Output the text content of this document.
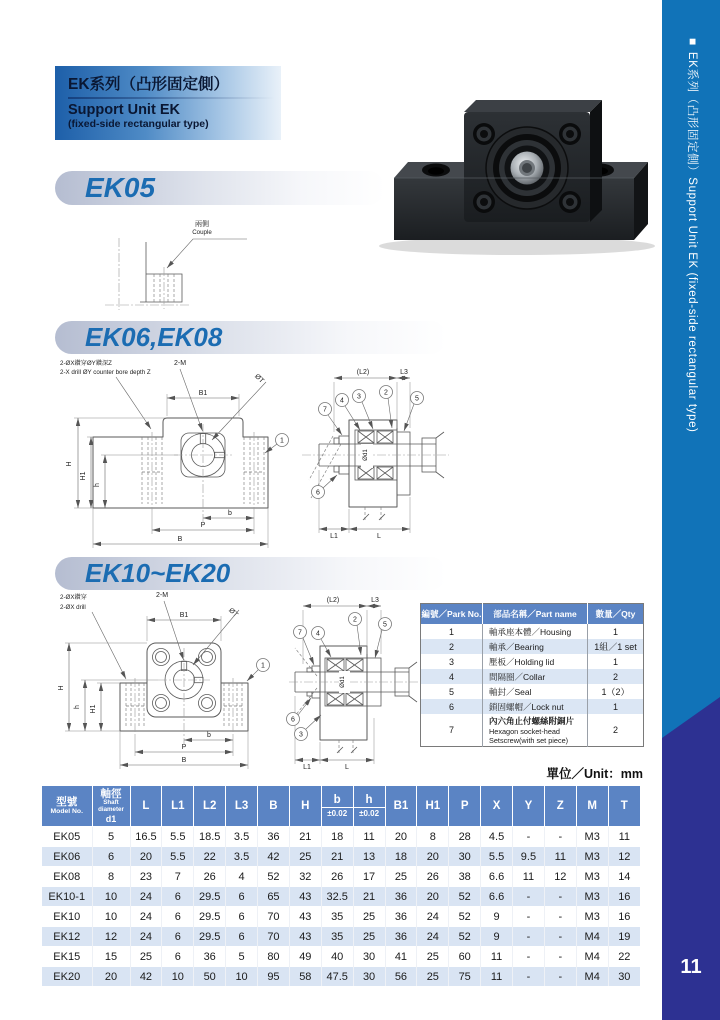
EK系列（凸形固定側）
Support Unit EK
(fixed-side rectangular type)
EK05
兩側
Couple
EK06,EK08
2-ØX鑽穿ØY鑽深Z
2-X drill ØY counter bore depth Z
H
H1
h
b
P
B
B1
2-M
ØT
1
(L2)	L3
L1	L
Ød1
7
4
3
2
5
6
EK10~EK20
2-ØX鑽穿
2-ØX drill
H
h H1
b
P
B
B1
2-M
ØT
1
(L2)	L3
L1	L
Ød1
7 4
2
5
6
3
編號／Park No.	部品名稱／Part name	數量／Qty
1	軸承座本體／Housing	1
2	軸承／Bearing	1組／1 set
3	壓板／Holding lid	1
4	間隔圈／Collar	2
5	軸封／Seal	1（2）
6	鎖固螺帽／Lock nut	1
7	內六角止付螺絲附銅片
Hexagon socket-head
Setscrew(with set piece)	2
單位／Unit：mm
型號
Model No.

軸徑
Shaft
diameter
d1
	L	L1	L2	L3	B	H	b
±0.02

h
±0.02
	B1	H1	P	X	Y	Z	M	T
EK05	5	16.5	5.5	18.5	3.5	36	21	18	11	20	8	28	4.5	-	-	M3	11
EK06	6	20	5.5	22	3.5	42	25	21	13	18	20	30	5.5	9.5	11	M3	12
EK08	8	23	7	26	4	52	32	26	17	25	26	38	6.6	11	12	M3	14
EK10-1	10	24	6	29.5	6	65	43	32.5	21	36	20	52	6.6	-	-	M3	16
EK10	10	24	6	29.5	6	70	43	35	25	36	24	52	9	-	-	M3	16
EK12	12	24	6	29.5	6	70	43	35	25	36	24	52	9	-	-	M4	19
EK15	15	25	6	36	5	80	49	40	30	41	25	60	11	-	-	M4	22
EK20	20	42	10	50	10	95	58	47.5	30	56	25	75	11	-	-	M4	30
■EK系列（凸形固定側）Support Unit EK (fixed-side rectangular type)
11
